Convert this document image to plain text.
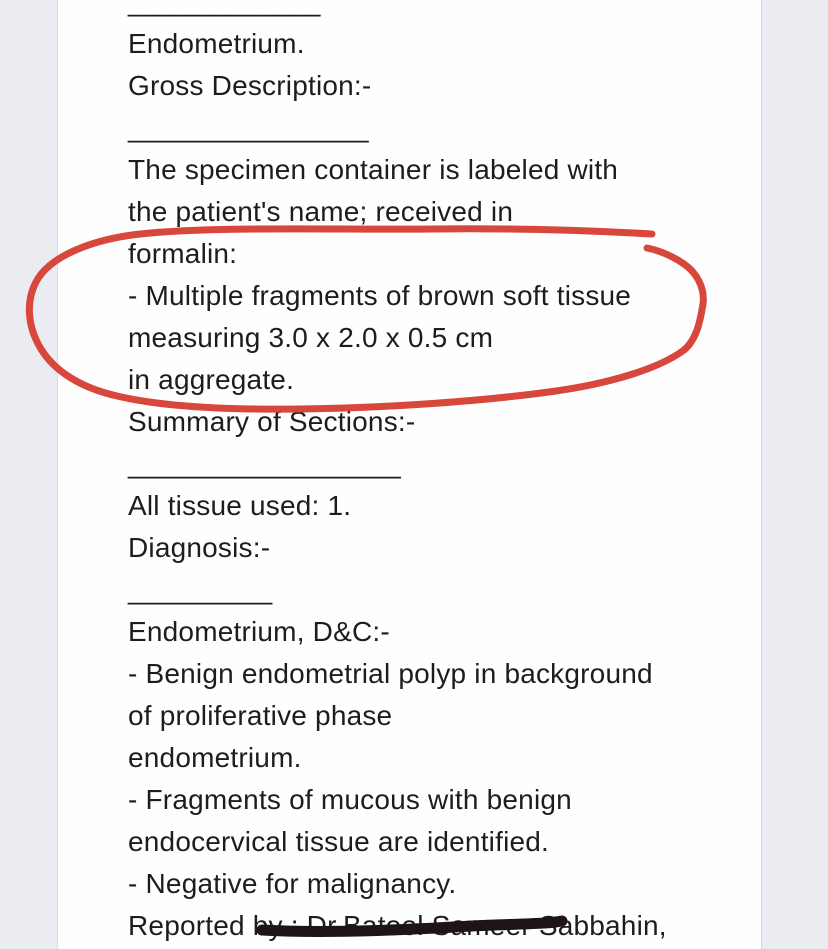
____________
Endometrium.
Gross Description:-
_______________
The specimen container is labeled with
the patient's name; received in
formalin:
- Multiple fragments of brown soft tissue
measuring 3.0 x 2.0 x 0.5 cm
in aggregate.
Summary of Sections:-
_________________
All tissue used: 1.
Diagnosis:-
_________
Endometrium, D&C:-
- Benign endometrial polyp in background
of proliferative phase
endometrium.
- Fragments of mucous with benign
endocervical tissue are identified.
- Negative for malignancy.
Reported by : Dr.Batool Sameer Sabbahin,
